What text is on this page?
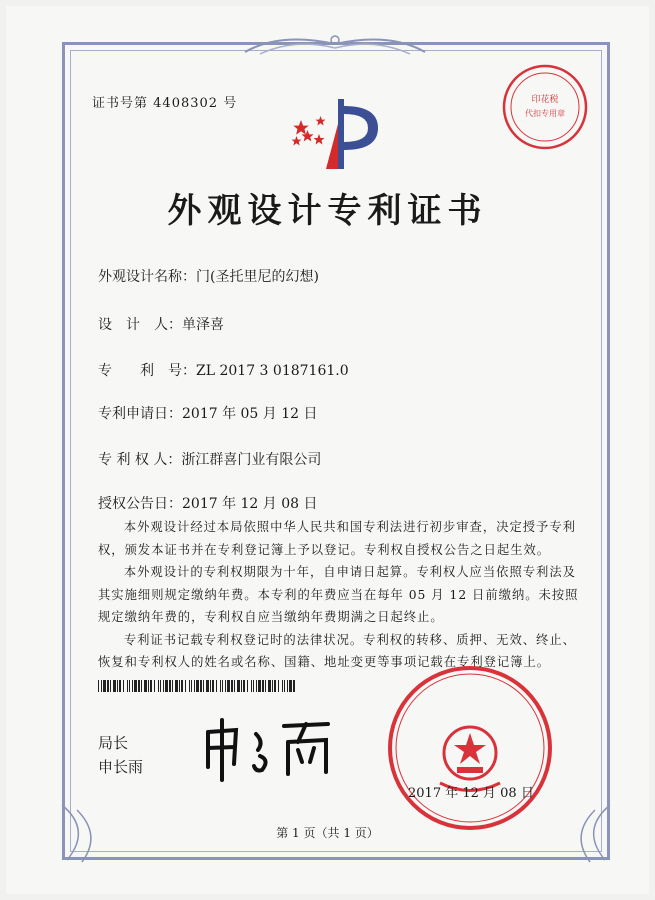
印花税
代扣专用章
证书号第 4408302 号
外观设计专利证书
外观设计名称：门(圣托里尼的幻想)
设　计　人：单泽喜
专　　利　号：ZL 2017 3 0187161.0
专利申请日：2017 年 05 月 12 日
专 利 权 人：浙江群喜门业有限公司
授权公告日：2017 年 12 月 08 日

本外观设计经过本局依照中华人民共和国专利法进行初步审查，决定授予专利权，颁发本证书并在专利登记簿上予以登记。专利权自授权公告之日起生效。

本外观设计的专利权期限为十年，自申请日起算。专利权人应当依照专利法及其实施细则规定缴纳年费。本专利的年费应当在每年 05 月 12 日前缴纳。未按照规定缴纳年费的，专利权自应当缴纳年费期满之日起终止。

专利证书记载专利权登记时的法律状况。专利权的转移、质押、无效、终止、恢复和专利权人的姓名或名称、国籍、地址变更等事项记载在专利登记簿上。

局长
申长雨
2017 年 12 月 08 日
第 1 页（共 1 页）
